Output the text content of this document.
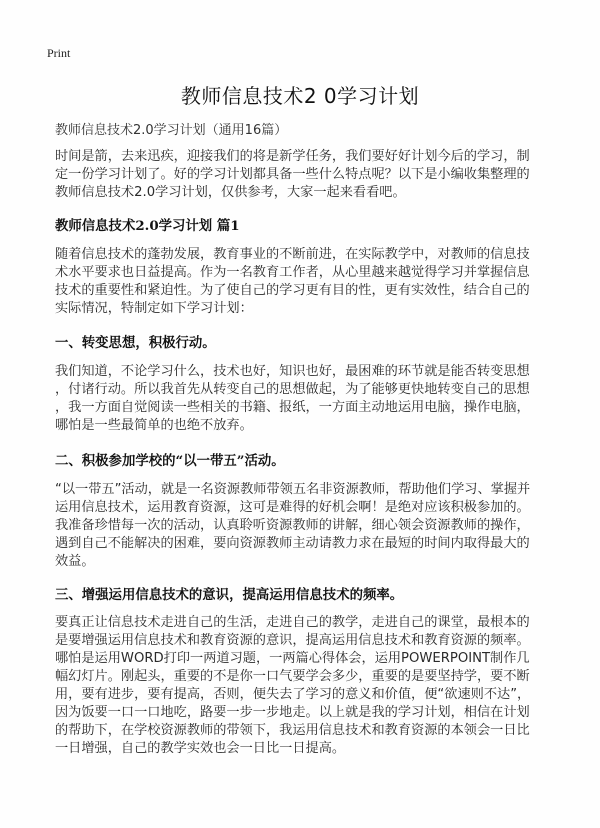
Print
教师信息技术2 0学习计划
教师信息技术2.0学习计划（通用16篇）
时间是箭，去来迅疾，迎接我们的将是新学任务，我们要好好计划今后的学习，制
定一份学习计划了。好的学习计划都具备一些什么特点呢？以下是小编收集整理的
教师信息技术2.0学习计划，仅供参考，大家一起来看看吧。
教师信息技术2.0学习计划 篇1
随着信息技术的蓬勃发展，教育事业的不断前进，在实际教学中，对教师的信息技
术水平要求也日益提高。作为一名教育工作者，从心里越来越觉得学习并掌握信息
技术的重要性和紧迫性。为了使自己的学习更有目的性，更有实效性，结合自己的
实际情况，特制定如下学习计划：
一、转变思想，积极行动。
我们知道，不论学习什么，技术也好，知识也好，最困难的环节就是能否转变思想
，付诸行动。所以我首先从转变自己的思想做起，为了能够更快地转变自己的思想
，我一方面自觉阅读一些相关的书籍、报纸，一方面主动地运用电脑，操作电脑，
哪怕是一些最简单的也绝不放弃。
二、积极参加学校的“以一带五”活动。
“以一带五”活动，就是一名资源教师带领五名非资源教师，帮助他们学习、掌握并
运用信息技术，运用教育资源，这可是难得的好机会啊！是绝对应该积极参加的。
我准备珍惜每一次的活动，认真聆听资源教师的讲解，细心领会资源教师的操作，
遇到自己不能解决的困难，要向资源教师主动请教力求在最短的时间内取得最大的
效益。
三、增强运用信息技术的意识，提高运用信息技术的频率。
要真正让信息技术走进自己的生活，走进自己的教学，走进自己的课堂，最根本的
是要增强运用信息技术和教育资源的意识，提高运用信息技术和教育资源的频率。
哪怕是运用WORD打印一两道习题，一两篇心得体会，运用POWERPOINT制作几
幅幻灯片。刚起头，重要的不是你一口气要学会多少，重要的是要坚持学，要不断
用，要有进步，要有提高，否则，便失去了学习的意义和价值，便“欲速则不达”，
因为饭要一口一口地吃，路要一步一步地走。以上就是我的学习计划，相信在计划
的帮助下，在学校资源教师的带领下，我运用信息技术和教育资源的本领会一日比
一日增强，自己的教学实效也会一日比一日提高。
